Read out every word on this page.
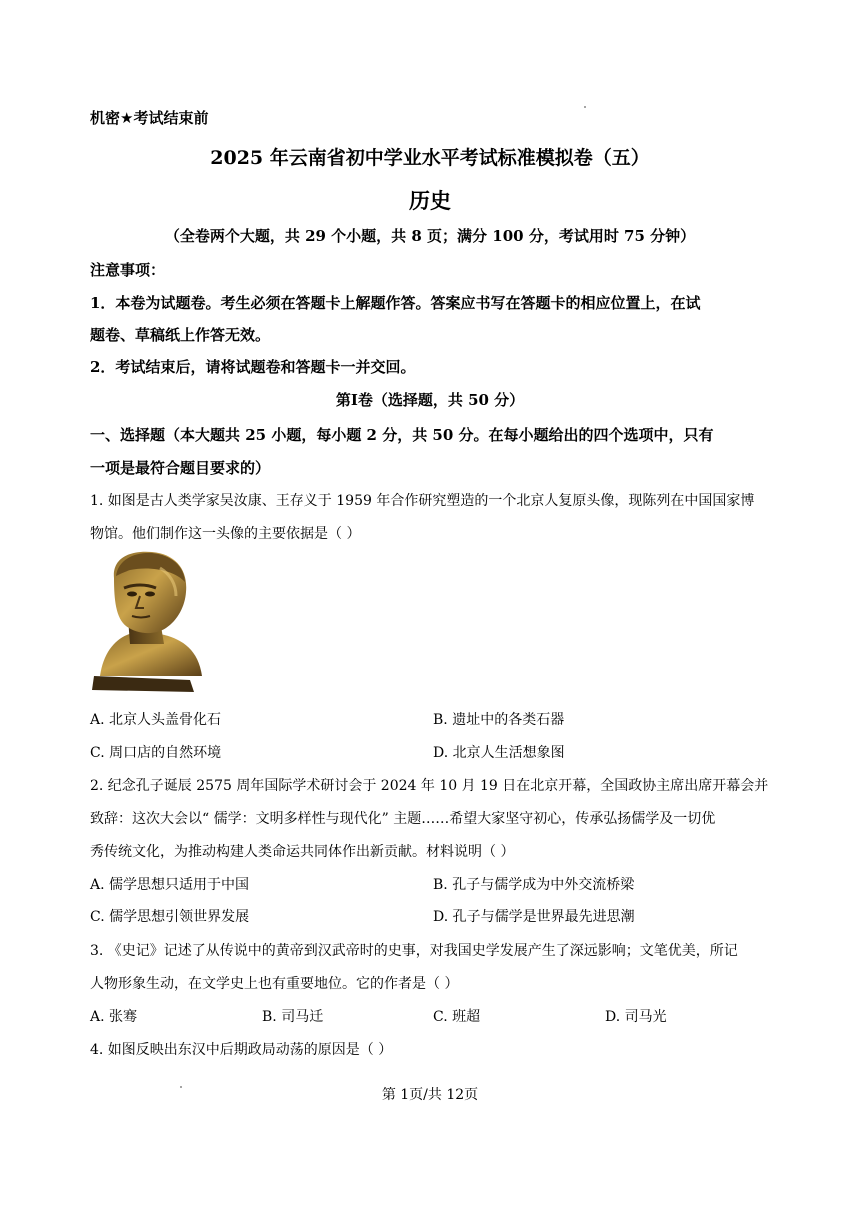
机密★考试结束前
2025 年云南省初中学业水平考试标准模拟卷（五）
历史
（全卷两个大题，共 29 个小题，共 8 页；满分 100 分，考试用时 75 分钟）
注意事项：
1．本卷为试题卷。考生必须在答题卡上解题作答。答案应书写在答题卡的相应位置上，在试
题卷、草稿纸上作答无效。
2．考试结束后，请将试题卷和答题卡一并交回。
第Ⅰ卷（选择题，共 50 分）
一、选择题（本大题共 25 小题，每小题 2 分，共 50 分。在每小题给出的四个选项中，只有
一项是最符合题目要求的）
1. 如图是古人类学家吴汝康、王存义于 1959 年合作研究塑造的一个北京人复原头像，现陈列在中国国家博
物馆。他们制作这一头像的主要依据是（ ）
A. 北京人头盖骨化石	B. 遗址中的各类石器
C. 周口店的自然环境	D. 北京人生活想象图
2. 纪念孔子诞辰 2575 周年国际学术研讨会于 2024 年 10 月 19 日在北京开幕，全国政协主席出席开幕会并
致辞：这次大会以“ 儒学：文明多样性与现代化” 主题……希望大家坚守初心，传承弘扬儒学及一切优
秀传统文化，为推动构建人类命运共同体作出新贡献。材料说明（ ）
A. 儒学思想只适用于中国	B. 孔子与儒学成为中外交流桥梁
C. 儒学思想引领世界发展	D. 孔子与儒学是世界最先进思潮
3. 《史记》记述了从传说中的黄帝到汉武帝时的史事，对我国史学发展产生了深远影响；文笔优美，所记
人物形象生动，在文学史上也有重要地位。它的作者是（ ）
A. 张骞	B. 司马迁	C. 班超	D. 司马光
4. 如图反映出东汉中后期政局动荡的原因是（ ）
第 1页/共 12页
